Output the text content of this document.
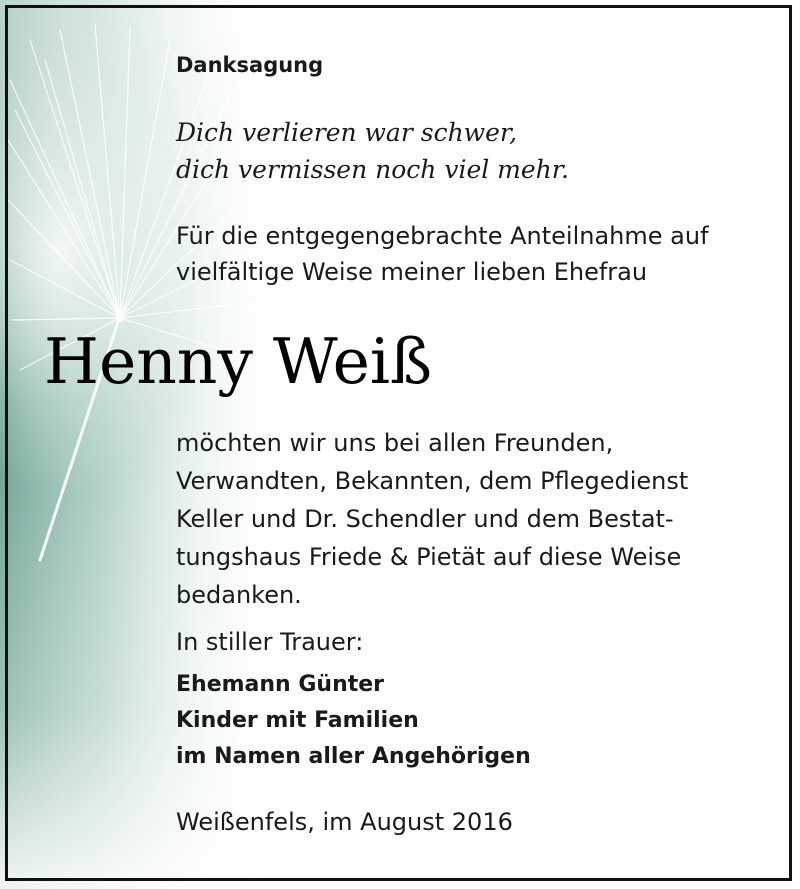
Danksagung
Dich verlieren war schwer,
dich vermissen noch viel mehr.
Für die entgegengebrachte Anteilnahme auf
vielfältige Weise meiner lieben Ehefrau
Henny Weiß
möchten wir uns bei allen Freunden,
Verwandten, Bekannten, dem Pflegedienst
Keller und Dr. Schendler und dem Bestat-
tungshaus Friede & Pietät auf diese Weise
bedanken.
In stiller Trauer:
Ehemann Günter
Kinder mit Familien
im Namen aller Angehörigen
Weißenfels, im August 2016
